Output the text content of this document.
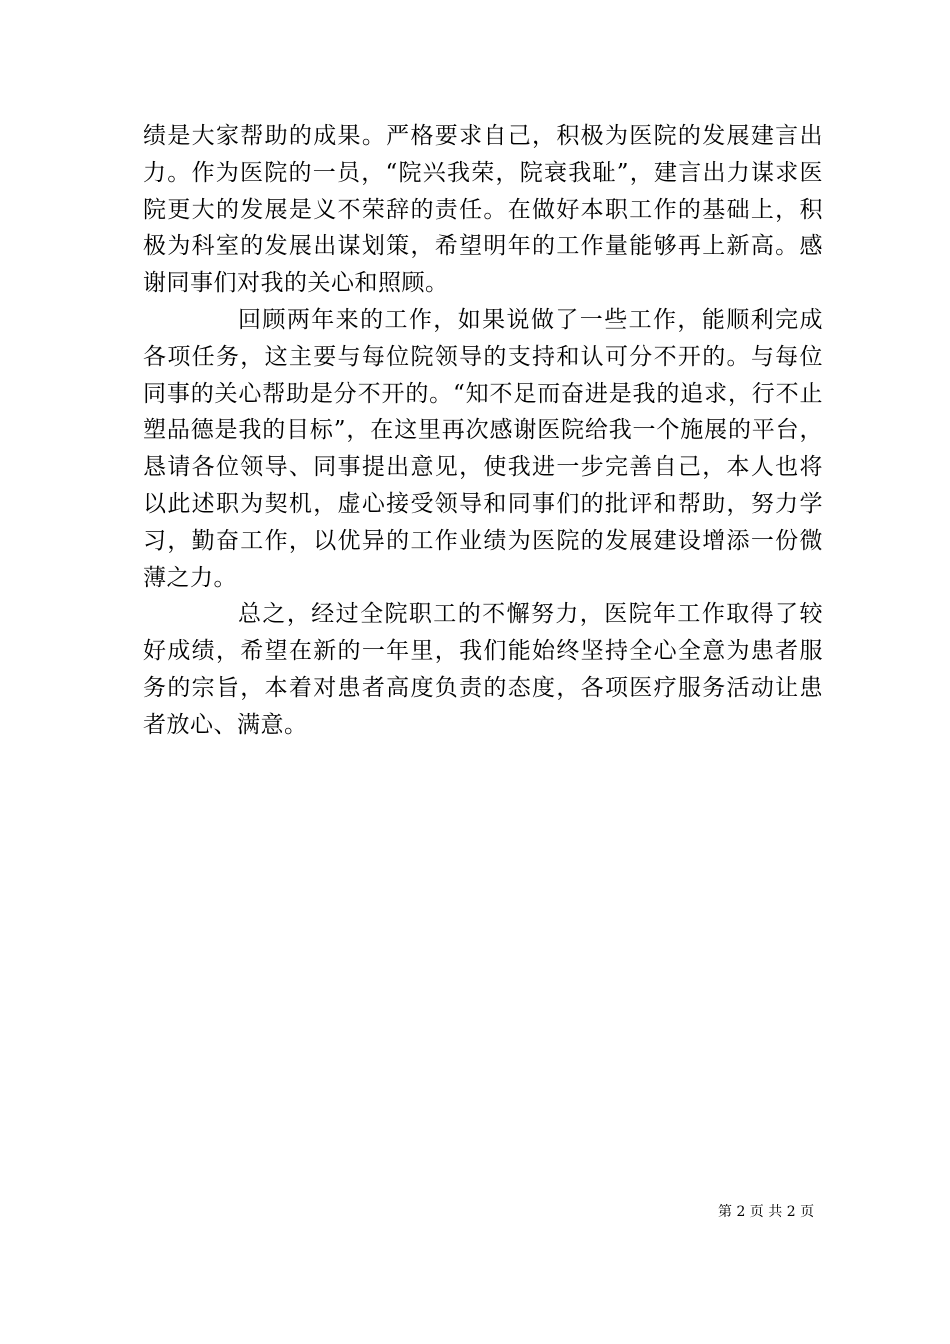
绩是大家帮助的成果。严格要求自己，积极为医院的发展建言出力。作为医院的一员，“院兴我荣，院衰我耻”，建言出力谋求医院更大的发展是义不荣辞的责任。在做好本职工作的基础上，积极为科室的发展出谋划策，希望明年的工作量能够再上新高。感谢同事们对我的关心和照顾。

回顾两年来的工作，如果说做了一些工作，能顺利完成各项任务，这主要与每位院领导的支持和认可分不开的。与每位同事的关心帮助是分不开的。“知不足而奋进是我的追求，行不止塑品德是我的目标”，在这里再次感谢医院给我一个施展的平台，恳请各位领导、同事提出意见，使我进一步完善自己，本人也将以此述职为契机，虚心接受领导和同事们的批评和帮助，努力学习，勤奋工作，以优异的工作业绩为医院的发展建设增添一份微薄之力。

总之，经过全院职工的不懈努力，医院年工作取得了较好成绩，希望在新的一年里，我们能始终坚持全心全意为患者服务的宗旨，本着对患者高度负责的态度，各项医疗服务活动让患者放心、满意。

第 2 页 共 2 页
